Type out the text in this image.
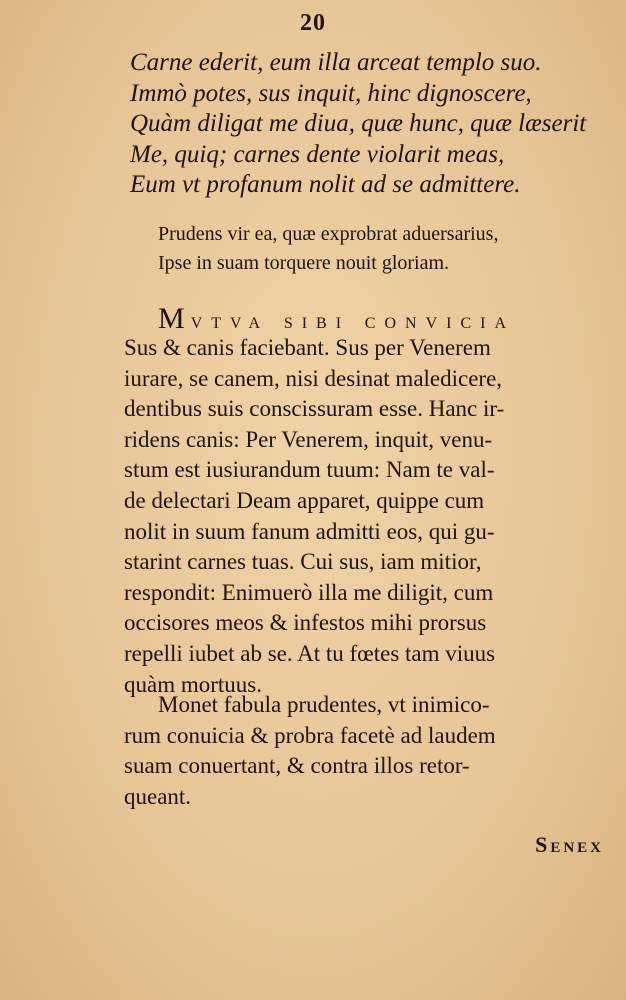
20
Carne ederit, eum illa arceat templo suo.
Immò potes, sus inquit, hinc dignoscere,
Quàm diligat me diua, quæ hunc, quæ læserit
Me, quiq; carnes dente violarit meas,
Eum vt profanum nolit ad se admittere.
Prudens vir ea, quæ exprobrat aduersarius,
Ipse in suam torquere nouit gloriam.
Mvtva sibi convicia
Sus & canis faciebant. Sus per Venerem
iurare, se canem, nisi desinat maledicere,
dentibus suis conscissuram esse. Hanc ir-
ridens canis: Per Venerem, inquit, venu-
stum est iusiurandum tuum: Nam te val-
de delectari Deam apparet, quippe cum
nolit in suum fanum admitti eos, qui gu-
starint carnes tuas. Cui sus, iam mitior,
respondit: Enimuerò illa me diligit, cum
occisores meos & infestos mihi prorsus
repelli iubet ab se. At tu fœtes tam viuus
quàm mortuus.
Monet fabula prudentes, vt inimico-
rum conuicia & probra facetè ad laudem
suam conuertant, & contra illos retor-
queant.
Senex
